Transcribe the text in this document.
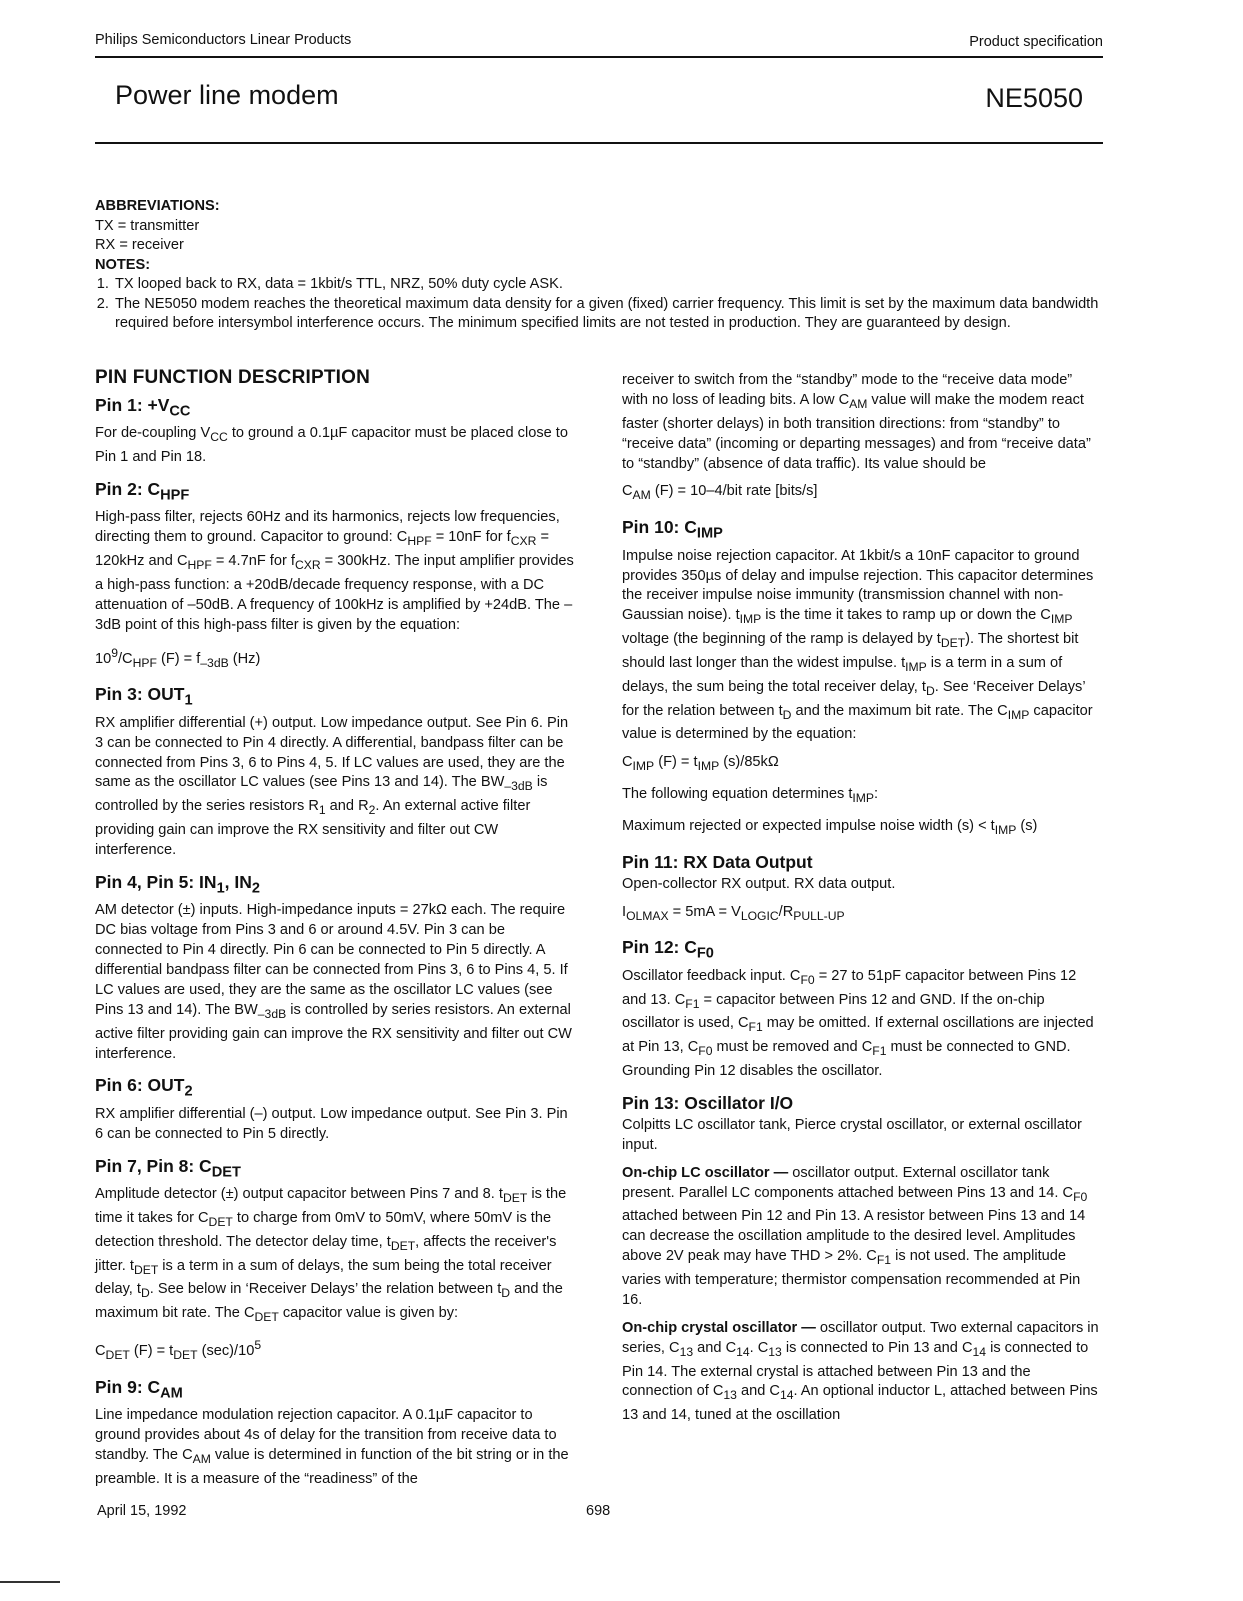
Philips Semiconductors Linear Products	Product specification
Power line modem	NE5050
ABBREVIATIONS:
TX = transmitter
RX = receiver
NOTES:
1. TX looped back to RX, data = 1kbit/s TTL, NRZ, 50% duty cycle ASK.
2. The NE5050 modem reaches the theoretical maximum data density for a given (fixed) carrier frequency. This limit is set by the maximum data bandwidth required before intersymbol interference occurs. The minimum specified limits are not tested in production. They are guaranteed by design.
PIN FUNCTION DESCRIPTION
Pin 1: $+V_{CC}$

For de-coupling $V_{CC}$ to ground a 0.1µF capacitor must be placed close to Pin 1 and Pin 18.

Pin 2: $C_{HPF}$

High-pass filter, rejects 60Hz and its harmonics, rejects low frequencies, directing them to ground. Capacitor to ground: $C_{HPF} = 10nF$ for $f_{CXR} = 120kHz$ and $C_{HPF} = 4.7nF$ for $f_{CXR} = 300kHz$. The input amplifier provides a high-pass function: a +20dB/decade frequency response, with a DC attenuation of –50dB. A frequency of 100kHz is amplified by +24dB. The –3dB point of this high-pass filter is given by the equation:

$10^9/C_{HPF}$ $(F) = f_{-3dB}$ (Hz)

Pin 3: $OUT_1$

RX amplifier differential (+) output. Low impedance output. See Pin 6. Pin 3 can be connected to Pin 4 directly. A differential, bandpass filter can be connected from Pins 3, 6 to Pins 4, 5. If LC values are used, they are the same as the oscillator LC values (see Pins 13 and 14). The $BW_{-3dB}$ is controlled by the series resistors $R_1$ and $R_2$. An external active filter providing gain can improve the RX sensitivity and filter out CW interference.

Pin 4, Pin 5: $IN_1$, $IN_2$

AM detector (±) inputs. High-impedance inputs = 27kΩ each. The require DC bias voltage from Pins 3 and 6 or around 4.5V. Pin 3 can be connected to Pin 4 directly. Pin 6 can be connected to Pin 5 directly. A differential bandpass filter can be connected from Pins 3, 6 to Pins 4, 5. If LC values are used, they are the same as the oscillator LC values (see Pins 13 and 14). The $BW_{-3dB}$ is controlled by series resistors. An external active filter providing gain can improve the RX sensitivity and filter out CW interference.

Pin 6: $OUT_2$

RX amplifier differential (–) output. Low impedance output. See Pin 3. Pin 6 can be connected to Pin 5 directly.

Pin 7, Pin 8: $C_{DET}$

Amplitude detector (±) output capacitor between Pins 7 and 8. $t_{DET}$ is the time it takes for $C_{DET}$ to charge from 0mV to 50mV, where 50mV is the detection threshold. The detector delay time, $t_{DET}$, affects the receiver's jitter. $t_{DET}$ is a term in a sum of delays, the sum being the total receiver delay, $t_D$. See below in ‘Receiver Delays’ the relation between $t_D$ and the maximum bit rate. The $C_{DET}$ capacitor value is given by:

$C_{DET}$ $(F) = t_{DET}$ $(\sec)/10^5$

Pin 9: $C_{AM}$

Line impedance modulation rejection capacitor. A 0.1µF capacitor to ground provides about 4s of delay for the transition from receive data to standby. The $C_{AM}$ value is determined in function of the bit string or in the preamble. It is a measure of the “readiness” of the

receiver to switch from the “standby” mode to the “receive data mode” with no loss of leading bits. A low $C_{AM}$ value will make the modem react faster (shorter delays) in both transition directions: from “standby” to “receive data” (incoming or departing messages) and from “receive data” to “standby” (absence of data traffic). Its value should be

$C_{AM}$ (F) = 10–4/bit rate [bits/s]

Pin 10: $C_{IMP}$

Impulse noise rejection capacitor. At 1kbit/s a 10nF capacitor to ground provides 350µs of delay and impulse rejection. This capacitor determines the receiver impulse noise immunity (transmission channel with non-Gaussian noise). $t_{IMP}$ is the time it takes to ramp up or down the $C_{IMP}$ voltage (the beginning of the ramp is delayed by $t_{DET}$). The shortest bit should last longer than the widest impulse. $t_{IMP}$ is a term in a sum of delays, the sum being the total receiver delay, $t_D$. See ‘Receiver Delays’ for the relation between $t_D$ and the maximum bit rate. The $C_{IMP}$ capacitor value is determined by the equation:

$C_{IMP}$ $(F) = t_{IMP}$ (s)/85kΩ

The following equation determines $t_{IMP}$:

Maximum rejected or expected impulse noise width $(s) < t_{IMP}$ (s)

Pin 11: RX Data Output

Open-collector RX output. RX data output.

$I_{OLMAX} = 5mA = V_{LOGIC}/R_{PULL-UP}$

Pin 12: $C_{F0}$

Oscillator feedback input. $C_{F0} = 27$ to 51pF capacitor between Pins 12 and 13. $C_{F1}$ = capacitor between Pins 12 and GND. If the on-chip oscillator is used, $C_{F1}$ may be omitted. If external oscillations are injected at Pin 13, $C_{F0}$ must be removed and $C_{F1}$ must be connected to GND. Grounding Pin 12 disables the oscillator.

Pin 13: Oscillator I/O

Colpitts LC oscillator tank, Pierce crystal oscillator, or external oscillator input.

On-chip LC oscillator — oscillator output. External oscillator tank present. Parallel LC components attached between Pins 13 and 14. $C_{F0}$ attached between Pin 12 and Pin 13. A resistor between Pins 13 and 14 can decrease the oscillation amplitude to the desired level. Amplitudes above 2V peak may have THD > 2%. $C_{F1}$ is not used. The amplitude varies with temperature; thermistor compensation recommended at Pin 16.

On-chip crystal oscillator — oscillator output. Two external capacitors in series, $C_{13}$ and $C_{14}$. $C_{13}$ is connected to Pin 13 and $C_{14}$ is connected to Pin 14. The external crystal is attached between Pin 13 and the connection of $C_{13}$ and $C_{14}$. An optional inductor L, attached between Pins 13 and 14, tuned at the oscillation

April 15, 1992	698
